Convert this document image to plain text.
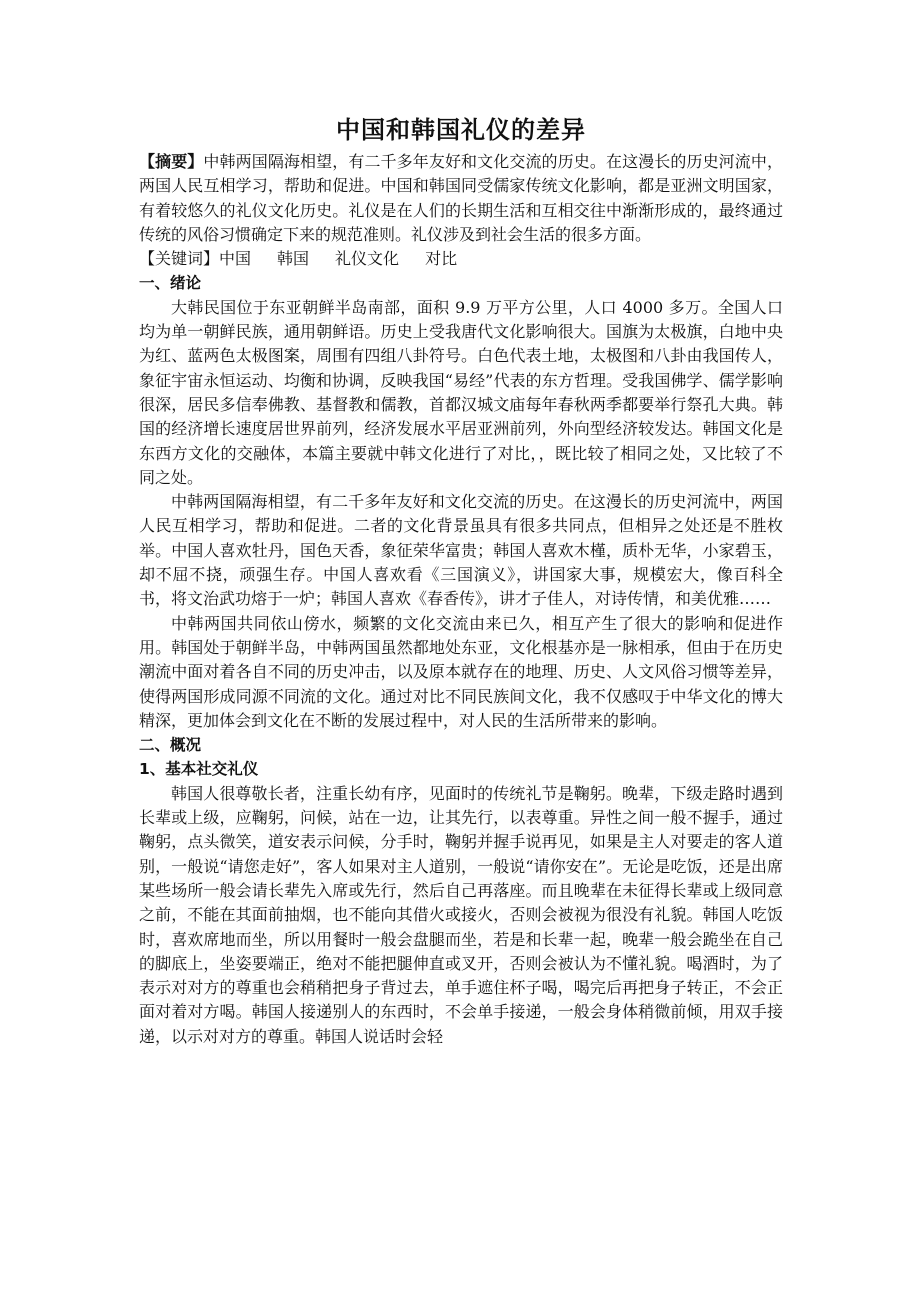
中国和韩国礼仪的差异

【摘要】中韩两国隔海相望，有二千多年友好和文化交流的历史。在这漫长的历史河流中，两国人民互相学习，帮助和促进。中国和韩国同受儒家传统文化影响，都是亚洲文明国家，有着较悠久的礼仪文化历史。礼仪是在人们的长期生活和互相交往中渐渐形成的，最终通过传统的风俗习惯确定下来的规范准则。礼仪涉及到社会生活的很多方面。

【关键词】中国 韩国 礼仪文化 对比

一、绪论

大韩民国位于东亚朝鲜半岛南部，面积 9.9 万平方公里，人口 4000 多万。全国人口均为单一朝鲜民族，通用朝鲜语。历史上受我唐代文化影响很大。国旗为太极旗，白地中央为红、蓝两色太极图案，周围有四组八卦符号。白色代表土地，太极图和八卦由我国传人，象征宇宙永恒运动、均衡和协调，反映我国“易经”代表的东方哲理。受我国佛学、儒学影响很深，居民多信奉佛教、基督教和儒教，首都汉城文庙每年春秋两季都要举行祭孔大典。韩国的经济增长速度居世界前列，经济发展水平居亚洲前列，外向型经济较发达。韩国文化是东西方文化的交融体，本篇主要就中韩文化进行了对比，，既比较了相同之处，又比较了不同之处。

中韩两国隔海相望，有二千多年友好和文化交流的历史。在这漫长的历史河流中，两国人民互相学习，帮助和促进。二者的文化背景虽具有很多共同点，但相异之处还是不胜枚举。中国人喜欢牡丹，国色天香，象征荣华富贵；韩国人喜欢木槿，质朴无华，小家碧玉，却不屈不挠，顽强生存。中国人喜欢看《三国演义》，讲国家大事，规模宏大，像百科全书，将文治武功熔于一炉；韩国人喜欢《春香传》，讲才子佳人，对诗传情，和美优雅……

中韩两国共同依山傍水，频繁的文化交流由来已久，相互产生了很大的影响和促进作用。韩国处于朝鲜半岛，中韩两国虽然都地处东亚，文化根基亦是一脉相承，但由于在历史潮流中面对着各自不同的历史冲击，以及原本就存在的地理、历史、人文风俗习惯等差异，使得两国形成同源不同流的文化。通过对比不同民族间文化，我不仅感叹于中华文化的博大精深，更加体会到文化在不断的发展过程中，对人民的生活所带来的影响。

二、概况

1、基本社交礼仪

韩国人很尊敬长者，注重长幼有序，见面时的传统礼节是鞠躬。晚辈，下级走路时遇到长辈或上级，应鞠躬，问候，站在一边，让其先行，以表尊重。异性之间一般不握手，通过鞠躬，点头微笑，道安表示问候，分手时，鞠躬并握手说再见，如果是主人对要走的客人道别，一般说“请您走好”，客人如果对主人道别，一般说“请你安在”。无论是吃饭，还是出席某些场所一般会请长辈先入席或先行，然后自己再落座。而且晚辈在未征得长辈或上级同意之前，不能在其面前抽烟，也不能向其借火或接火，否则会被视为很没有礼貌。韩国人吃饭时，喜欢席地而坐，所以用餐时一般会盘腿而坐，若是和长辈一起，晚辈一般会跪坐在自己的脚底上，坐姿要端正，绝对不能把腿伸直或叉开，否则会被认为不懂礼貌。喝酒时，为了表示对对方的尊重也会稍稍把身子背过去，单手遮住杯子喝，喝完后再把身子转正，不会正面对着对方喝。韩国人接递别人的东西时，不会单手接递，一般会身体稍微前倾，用双手接递，以示对对方的尊重。韩国人说话时会轻
